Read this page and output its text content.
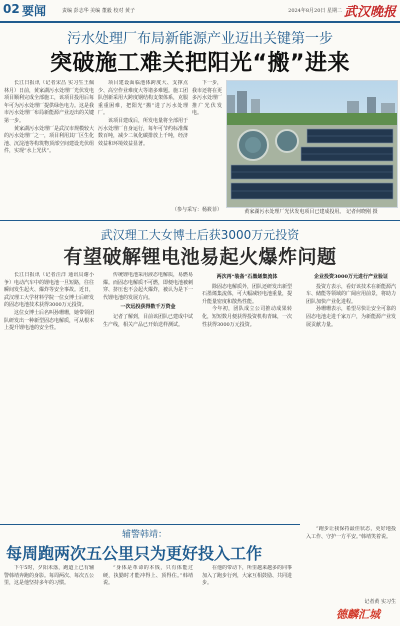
02 要闻	责编 彭志华 美编 董毅 校对 黄子	2024年8月20日 星期二 武汉晚报
污水处理厂布局新能源产业迈出关键第一步
突破施工难关把阳光“搬”进来

长江日报讯（记者宋昌 实习生王佩 林月）日前，黄家湖污水处理厂光伏发电项目顺利完成全部施工，该项目投用后每年可为污水处理厂提供绿色电力。这是我市污水处理厂布局新能源产业迈出的关键第一步。

黄家湖污水处理厂是武汉市规模较大的污水处理厂之一，项目利用其厂区生化池、沉淀池等构筑物顶部空间建设光伏组件，实现“水上光伏”。

项目建设面临池体跨度大、支撑点少、高空作业难度大等诸多难题。施工团队创新采用大跨度钢结构支架体系，克服重重困难，把阳光“搬”进了污水处理厂。

该项目建成后，所发电量将全部用于污水处理厂自身运行，每年可节约标准煤数百吨，减少二氧化碳排放上千吨，经济效益和环境效益显著。

下一步，我市还将在更多污水处理厂推广光伏发电。

（参与采写：杨筱菲）	黄家湖污水处理厂光伏发电项目已建成投用。 记者何晓刚 摄
武汉理工大女博士后获3000万元投资
有望破解锂电池易起火爆炸问题

长江日报讯（记者汪洋 通讯员谢小争）电动汽车中的锂电池一旦短路，往往瞬间发生起火、爆炸等安全事故。近日，武汉理工大学材料学院一位女博士后研发的固态电池技术获得3000万元投资。

这位女博士后名叫孙珊珊，她带领团队研发出一种新型固态电解质，可从根本上提升锂电池的安全性。

传统锂电池采用液态电解质，易燃易爆。而固态电解质不可燃，即便电池被刺穿、挤压也不会起火爆炸，被认为是下一代锂电池的发展方向。

一次远投获得数千万资金

记者了解到，目前该团队已建成中试生产线，相关产品已开始送样测试。

两次再“装备”石墨烯集流体

除固态电解质外，团队还研发出新型石墨烯集流体，可大幅减轻电池重量，提升能量密度和散热性能。

今年初，团队成立公司推动成果转化，短短数月便获得投资机构青睐，一次性获得3000万元投资。

企业投资3000万元进行产业验证

投资方表示，看好该技术在新能源汽车、储能等领域的广阔应用前景，将助力团队加快产业化进程。

孙珊珊表示，希望尽快让安全可靠的固态电池走进千家万户，为新能源产业发展贡献力量。

辅警韩靖：
每周跑两次五公里只为更好投入工作

下午5时，夕阳未落，跑道上已有辅警韩靖奔跑的身影。每周两次、每次五公里，这是他坚持多年的习惯。

“身体是革命的本钱，只有体能过硬，执勤时才能冲得上、顶得住。”韩靖说。

在他的带动下，所里越来越多的同事加入了跑步行列，大家互相鼓励、共同进步。

“跑步让我保持最佳状态，更好地投入工作、守护一方平安。”韩靖笑着说。

记者黄 实习生
德麟汇城
